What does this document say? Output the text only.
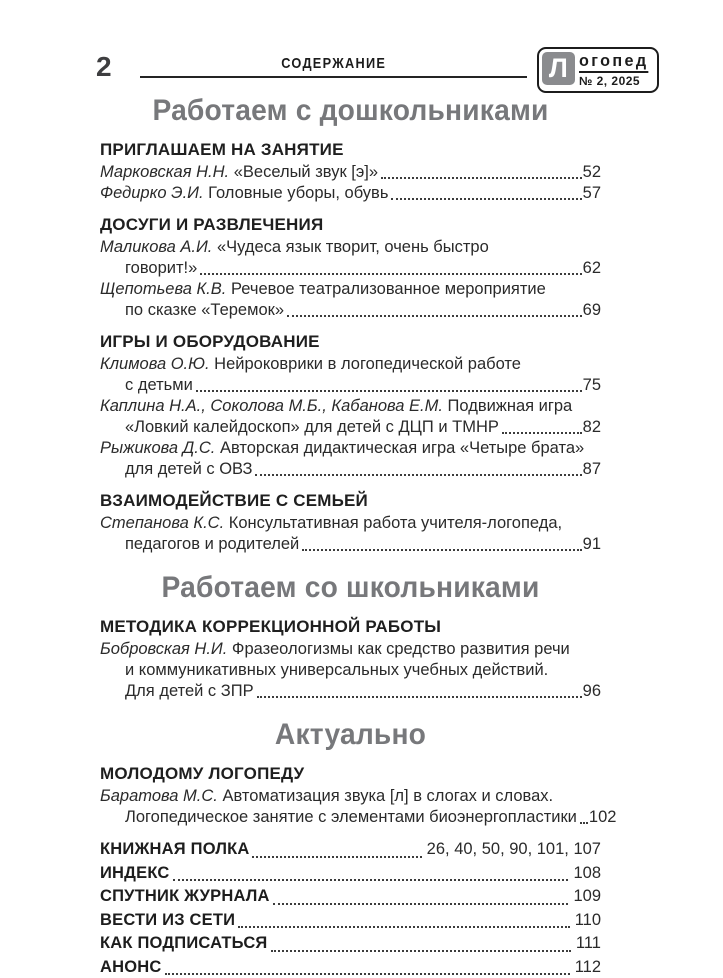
2	СОДЕРЖАНИЕ	Л огопед
№ 2, 2025
Работаем с дошкольниками
ПРИГЛАШАЕМ НА ЗАНЯТИЕ
Марковская Н.Н. «Веселый звук [э]»	52
Федирко Э.И. Головные уборы, обувь	57
ДОСУГИ И РАЗВЛЕЧЕНИЯ
Маликова А.И. «Чудеса язык творит, очень быстро
говорит!»	62
Щепотьева К.В. Речевое театрализованное мероприятие
по сказке «Теремок»	69
ИГРЫ И ОБОРУДОВАНИЕ
Климова О.Ю. Нейроковрики в логопедической работе
с детьми	75
Каплина Н.А., Соколова М.Б., Кабанова Е.М. Подвижная игра
«Ловкий калейдоскоп» для детей с ДЦП и ТМНР	82
Рыжикова Д.С. Авторская дидактическая игра «Четыре брата»
для детей с ОВЗ	87
ВЗАИМОДЕЙСТВИЕ С СЕМЬЕЙ
Степанова К.С. Консультативная работа учителя-логопеда,
педагогов и родителей	91
Работаем со школьниками
МЕТОДИКА КОРРЕКЦИОННОЙ РАБОТЫ
Бобровская Н.И. Фразеологизмы как средство развития речи
и коммуникативных универсальных учебных действий.
Для детей с ЗПР	96
Актуально
МОЛОДОМУ ЛОГОПЕДУ
Баратова М.С. Автоматизация звука [л] в слогах и словах.
Логопедическое занятие с элементами биоэнергопластики 102
КНИЖНАЯ ПОЛКА	26, 40, 50, 90, 101, 107
ИНДЕКС	108
СПУТНИК ЖУРНАЛА	109
ВЕСТИ ИЗ СЕТИ	110
КАК ПОДПИСАТЬСЯ	111
АНОНС	112
